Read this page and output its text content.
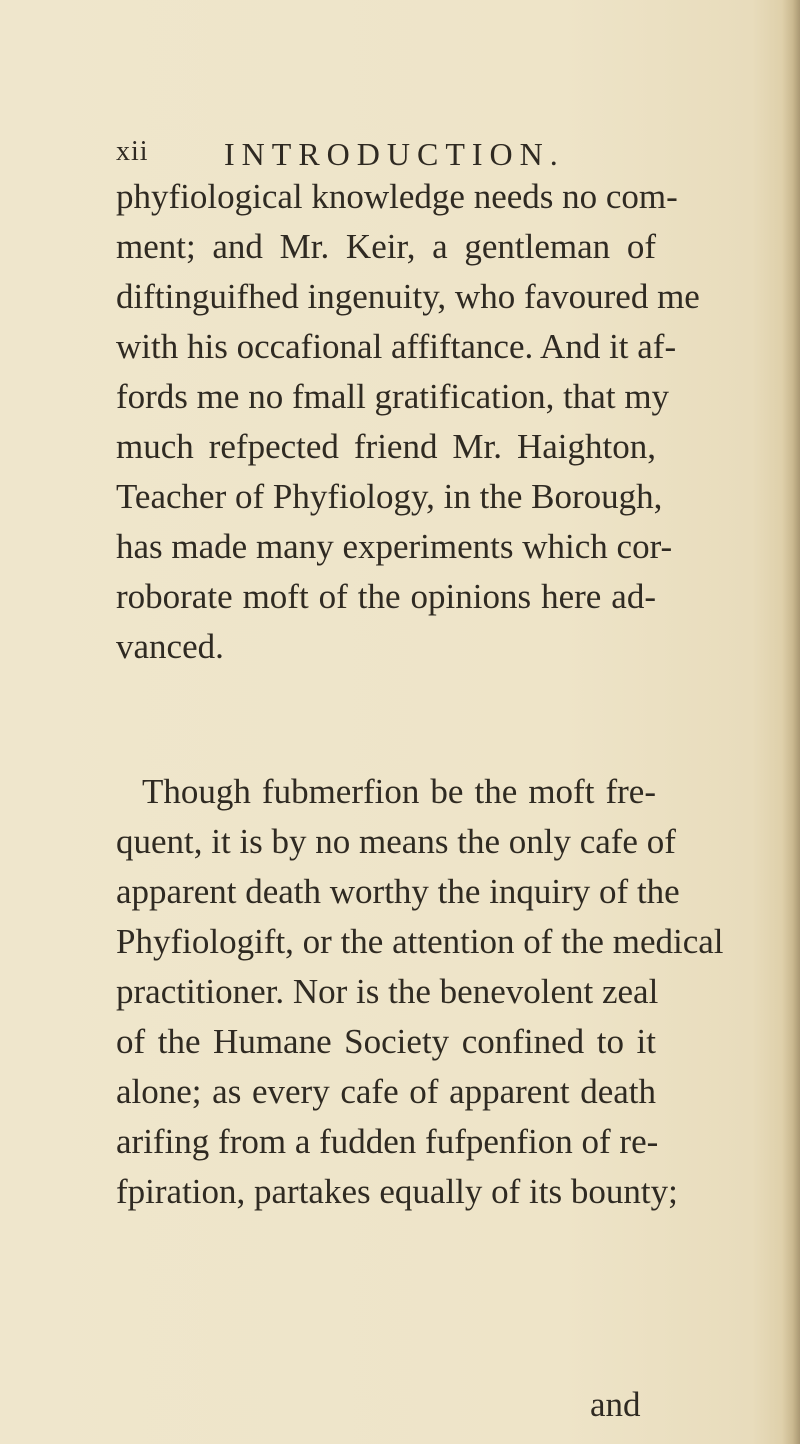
xii INTRODUCTION.
phyfiological knowledge needs no com-
ment; and Mr. Keir, a gentleman of
diftinguifhed ingenuity, who favoured me
with his occafional affiftance. And it af-
fords me no fmall gratification, that my
much refpected friend Mr. Haighton,
Teacher of Phyfiology, in the Borough,
has made many experiments which cor-
roborate moft of the opinions here ad-
vanced.
Though fubmerfion be the moft fre-
quent, it is by no means the only cafe of
apparent death worthy the inquiry of the
Phyfiologift, or the attention of the medical
practitioner. Nor is the benevolent zeal
of the Humane Society confined to it
alone; as every cafe of apparent death
arifing from a fudden fufpenfion of re-
fpiration, partakes equally of its bounty;
and
